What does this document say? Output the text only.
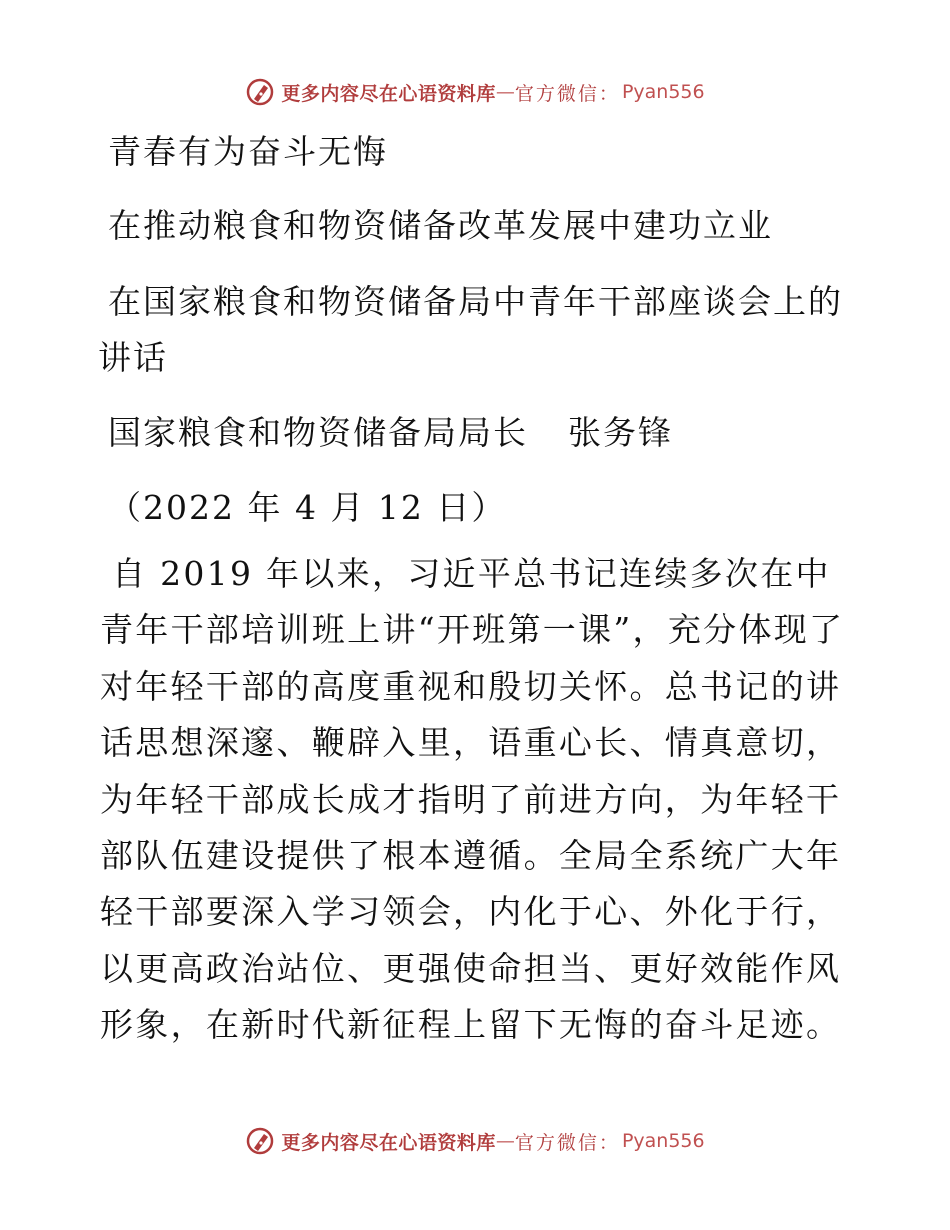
更多内容尽在心语资料库 — 官方微信： Pyan556
青春有为奋斗无悔
在推动粮食和物资储备改革发展中建功立业
在国家粮食和物资储备局中青年干部座谈会上的
讲话
国家粮食和物资储备局局长 张务锋
（2022 年 4 月 12 日）
自 2019 年以来，习近平总书记连续多次在中青年干部培训班上讲“开班第一课”，充分体现了对年轻干部的高度重视和殷切关怀。总书记的讲话思想深邃、鞭辟入里，语重心长、情真意切，为年轻干部成长成才指明了前进方向，为年轻干部队伍建设提供了根本遵循。全局全系统广大年轻干部要深入学习领会，内化于心、外化于行，以更高政治站位、更强使命担当、更好效能作风形象，在新时代新征程上留下无悔的奋斗足迹。
更多内容尽在心语资料库 — 官方微信： Pyan556
